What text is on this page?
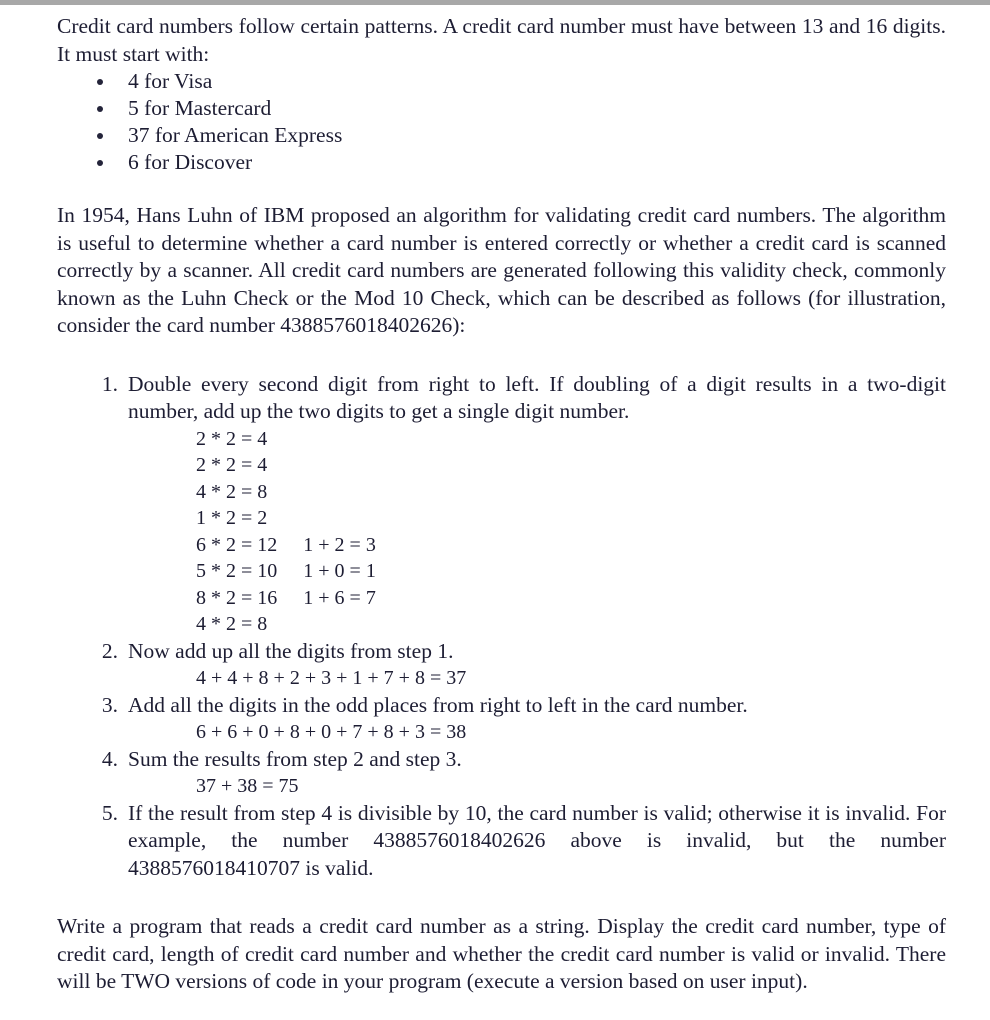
Credit card numbers follow certain patterns. A credit card number must have between 13 and 16 digits. It must start with:

4 for Visa
5 for Mastercard
37 for American Express
6 for Discover

In 1954, Hans Luhn of IBM proposed an algorithm for validating credit card numbers. The algorithm is useful to determine whether a card number is entered correctly or whether a credit card is scanned correctly by a scanner. All credit card numbers are generated following this validity check, commonly known as the Luhn Check or the Mod 10 Check, which can be described as follows (for illustration, consider the card number 4388576018402626):

1. Double every second digit from right to left. If doubling of a digit results in a two-digit number, add up the two digits to get a single digit number.
2 * 2 = 4
2 * 2 = 4
4 * 2 = 8
1 * 2 = 2
6 * 2 = 12 1 + 2 = 3
5 * 2 = 10 1 + 0 = 1
8 * 2 = 16 1 + 6 = 7
4 * 2 = 8
2. Now add up all the digits from step 1.
4 + 4 + 8 + 2 + 3 + 1 + 7 + 8 = 37
3. Add all the digits in the odd places from right to left in the card number.
6 + 6 + 0 + 8 + 0 + 7 + 8 + 3 = 38
4. Sum the results from step 2 and step 3.
37 + 38 = 75
5. If the result from step 4 is divisible by 10, the card number is valid; otherwise it is invalid. For example, the number 4388576018402626 above is invalid, but the number 4388576018410707 is valid.

Write a program that reads a credit card number as a string. Display the credit card number, type of credit card, length of credit card number and whether the credit card number is valid or invalid. There will be TWO versions of code in your program (execute a version based on user input).
